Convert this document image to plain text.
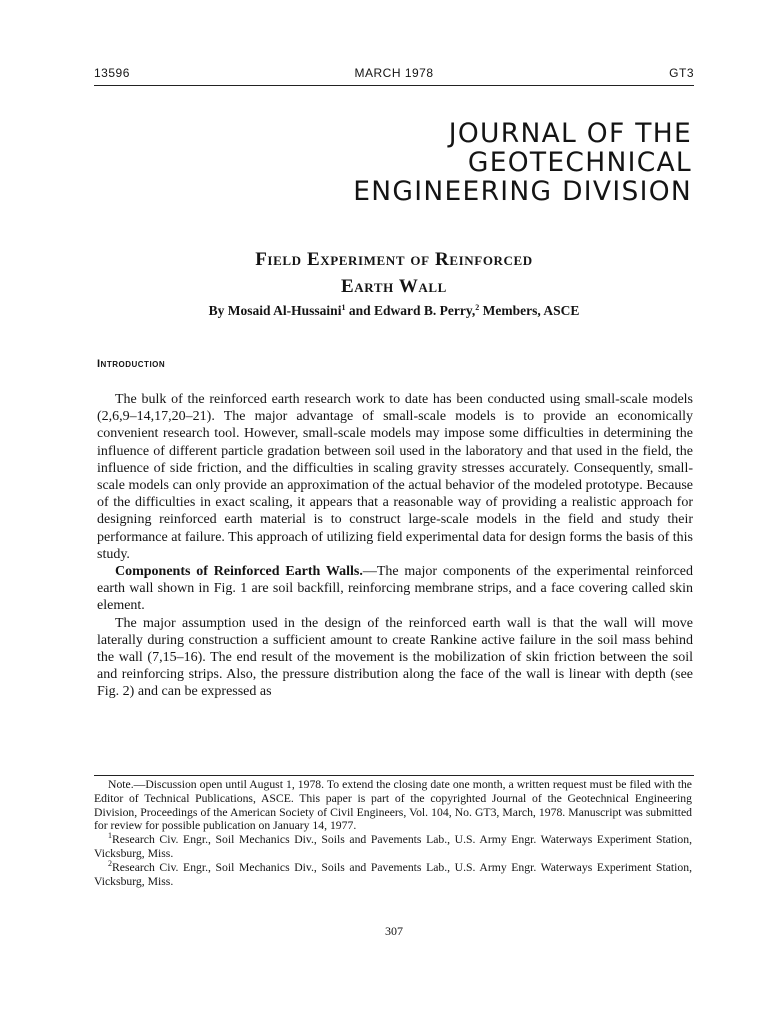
13596	MARCH 1978	GT3
JOURNAL OF THE
GEOTECHNICAL
ENGINEERING DIVISION
Field Experiment of Reinforced
Earth Wall
By Mosaid Al-Hussaini$^1$ and Edward B. Perry,$^2$ Members, ASCE
Introduction

The bulk of the reinforced earth research work to date has been conducted using small-scale models (2,6,9–14,17,20–21). The major advantage of small-scale models is to provide an economically convenient research tool. However, small-scale models may impose some difficulties in determining the influence of different particle gradation between soil used in the laboratory and that used in the field, the influence of side friction, and the difficulties in scaling gravity stresses accurately. Consequently, small-scale models can only provide an approximation of the actual behavior of the modeled prototype. Because of the difficulties in exact scaling, it appears that a reasonable way of providing a realistic approach for designing reinforced earth material is to construct large-scale models in the field and study their performance at failure. This approach of utilizing field experimental data for design forms the basis of this study.

Components of Reinforced Earth Walls.—The major components of the experimental reinforced earth wall shown in Fig. 1 are soil backfill, reinforcing membrane strips, and a face covering called skin element.

The major assumption used in the design of the reinforced earth wall is that the wall will move laterally during construction a sufficient amount to create Rankine active failure in the soil mass behind the wall (7,15–16). The end result of the movement is the mobilization of skin friction between the soil and reinforcing strips. Also, the pressure distribution along the face of the wall is linear with depth (see Fig. 2) and can be expressed as

Note.—Discussion open until August 1, 1978. To extend the closing date one month, a written request must be filed with the Editor of Technical Publications, ASCE. This paper is part of the copyrighted Journal of the Geotechnical Engineering Division, Proceedings of the American Society of Civil Engineers, Vol. 104, No. GT3, March, 1978. Manuscript was submitted for review for possible publication on January 14, 1977.

$^1$Research Civ. Engr., Soil Mechanics Div., Soils and Pavements Lab., U.S. Army Engr. Waterways Experiment Station, Vicksburg, Miss.

$^2$Research Civ. Engr., Soil Mechanics Div., Soils and Pavements Lab., U.S. Army Engr. Waterways Experiment Station, Vicksburg, Miss.

307
